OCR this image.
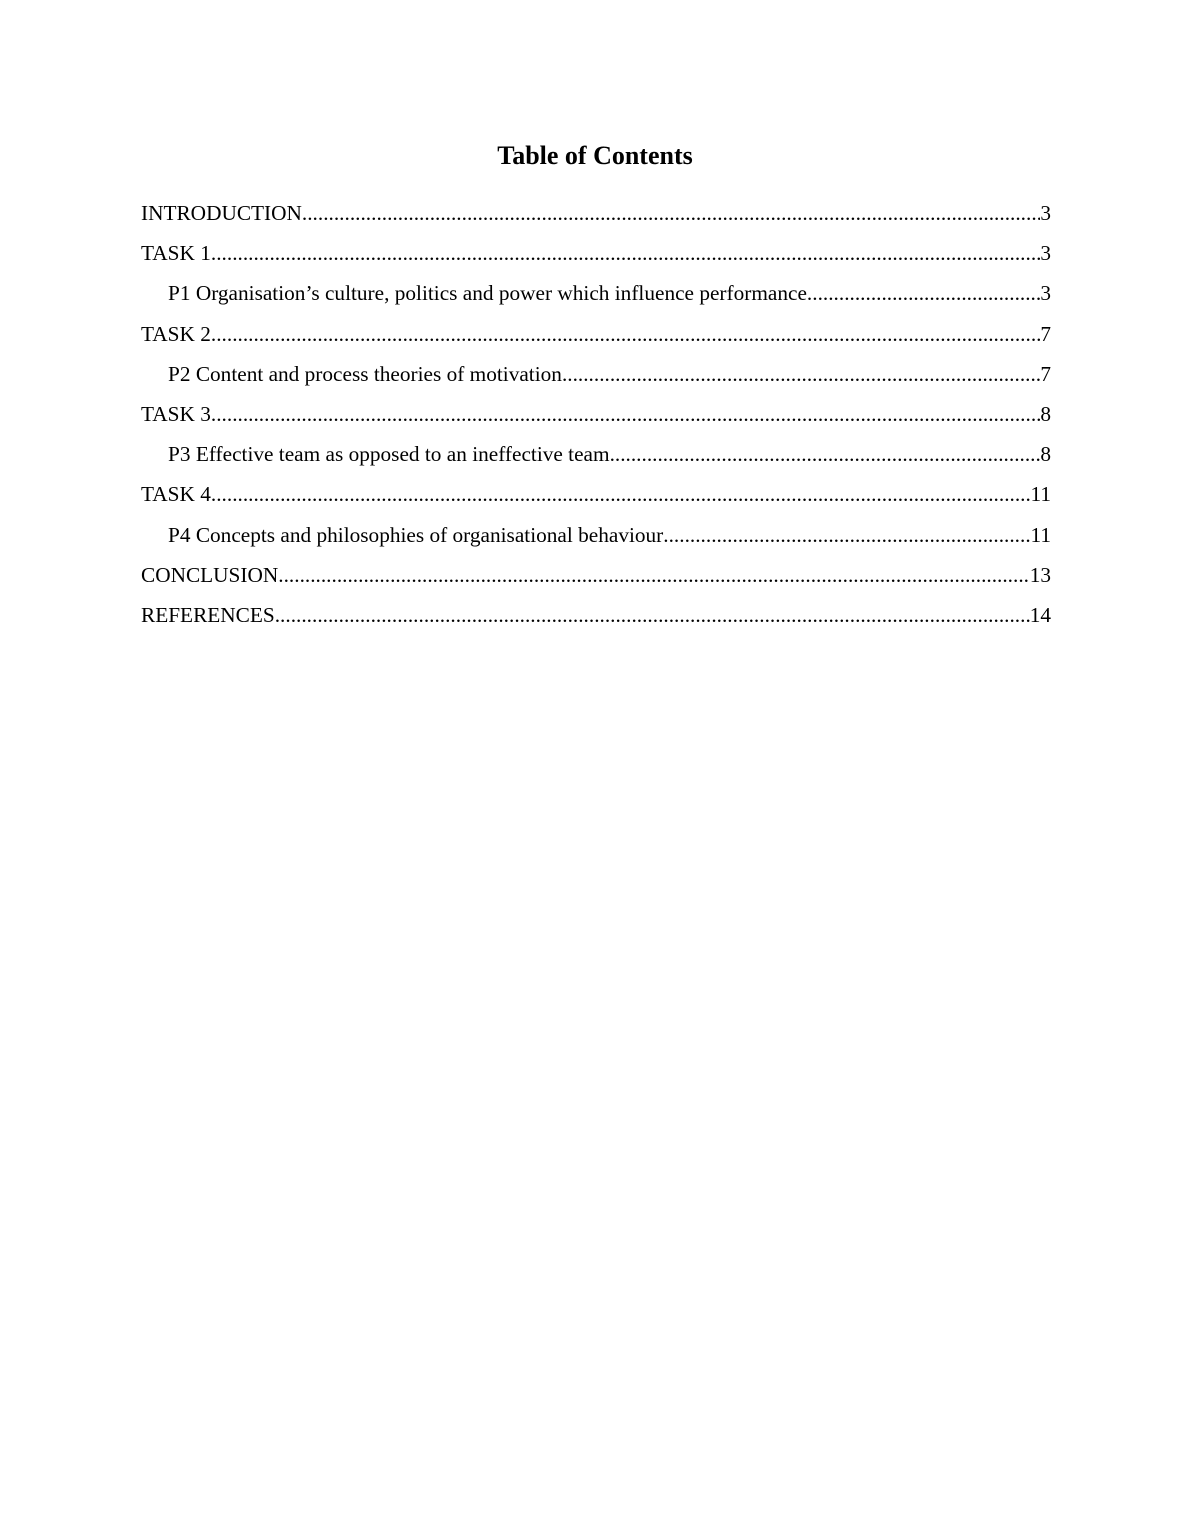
Table of Contents
INTRODUCTION .....	3
TASK 1 .....	3
P1 Organisation’s culture, politics and power which influence performance .....	3
TASK 2 .....	7
P2 Content and process theories of motivation .....	7
TASK 3 .....	8
P3 Effective team as opposed to an ineffective team .....	8
TASK 4 .....	11
P4 Concepts and philosophies of organisational behaviour .....	11
CONCLUSION .....	13
REFERENCES .....	14
